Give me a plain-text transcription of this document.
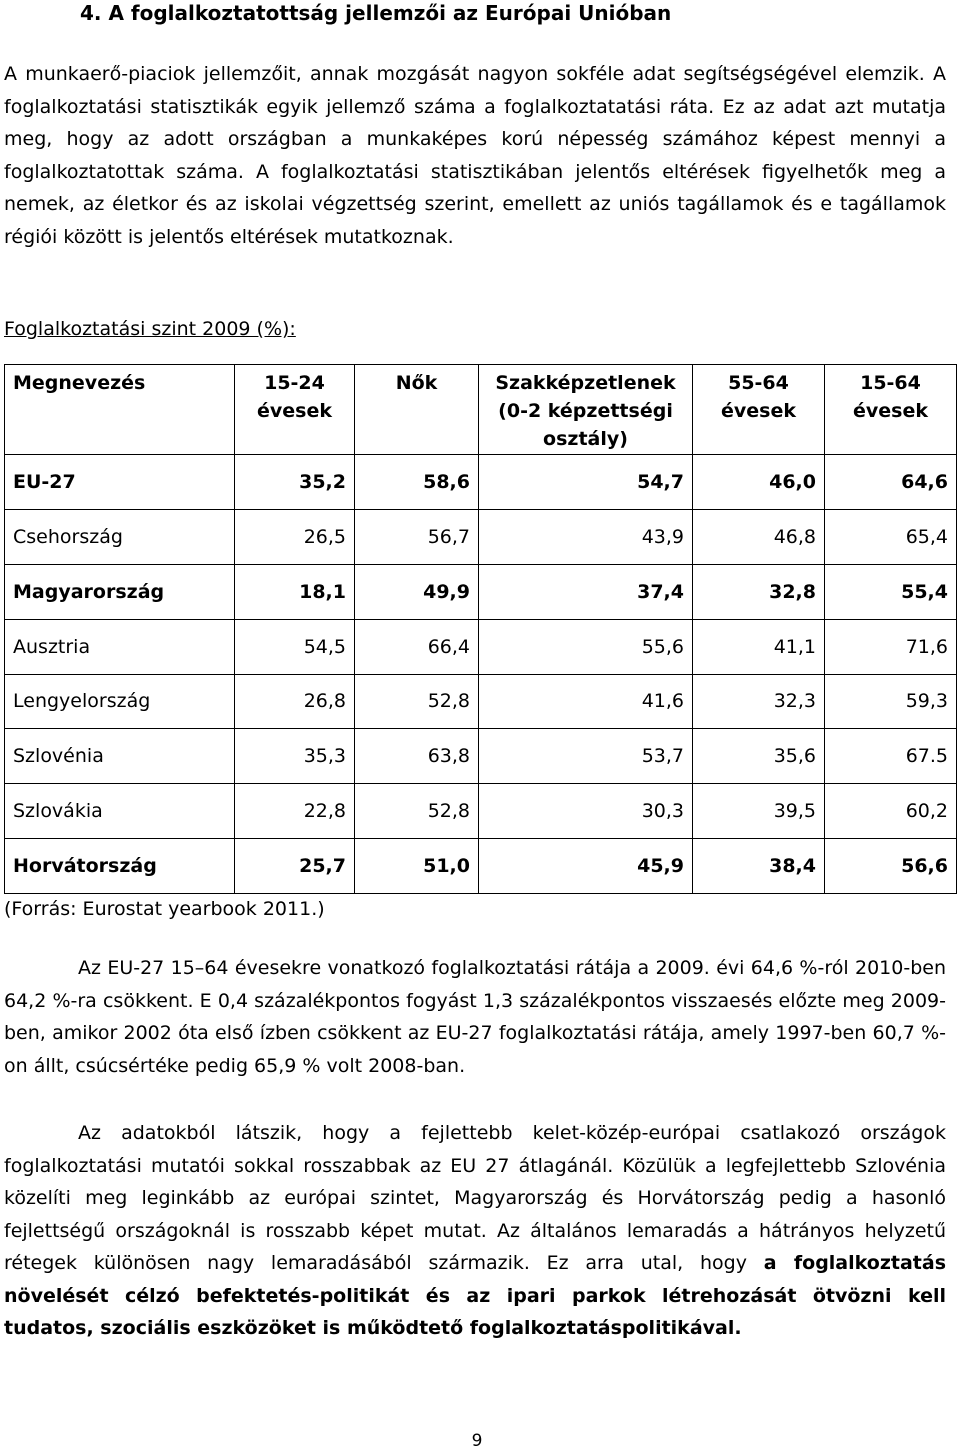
4. A foglalkoztatottság jellemzői az Európai Unióban
A munkaerő-piaciok jellemzőit, annak mozgását nagyon sokféle adat segítségségével elemzik. A foglalkoztatási statisztikák egyik jellemző száma a foglalkoztatatási ráta. Ez az adat azt mutatja meg, hogy az adott országban a munkaképes korú népesség számához képest mennyi a foglalkoztatottak száma. A foglalkoztatási statisztikában jelentős eltérések figyelhetők meg a nemek, az életkor és az iskolai végzettség szerint, emellett az uniós tagállamok és e tagállamok régiói között is jelentős eltérések mutatkoznak.
Foglalkoztatási szint 2009 (%):
Megnevezés	15-24 évesek	Nők	Szakképzetlenek (0-2 képzettségi osztály)	55-64 évesek	15-64 évesek
EU-27	35,2	58,6	54,7	46,0	64,6
Csehország	26,5	56,7	43,9	46,8	65,4
Magyarország	18,1	49,9	37,4	32,8	55,4
Ausztria	54,5	66,4	55,6	41,1	71,6
Lengyelország	26,8	52,8	41,6	32,3	59,3
Szlovénia	35,3	63,8	53,7	35,6	67.5
Szlovákia	22,8	52,8	30,3	39,5	60,2
Horvátország	25,7	51,0	45,9	38,4	56,6
(Forrás: Eurostat yearbook 2011.)
Az EU-27 15–64 évesekre vonatkozó foglalkoztatási rátája a 2009. évi 64,6 %-ról 2010-ben 64,2 %-ra csökkent. E 0,4 százalékpontos fogyást 1,3 százalékpontos visszaesés előzte meg 2009-ben, amikor 2002 óta első ízben csökkent az EU-27 foglalkoztatási rátája, amely 1997-ben 60,7 %-on állt, csúcsértéke pedig 65,9 % volt 2008-ban.
Az adatokból látszik, hogy a fejlettebb kelet-közép-európai csatlakozó országok foglalkoztatási mutatói sokkal rosszabbak az EU 27 átlagánál. Közülük a legfejlettebb Szlovénia közelíti meg leginkább az európai szintet, Magyarország és Horvátország pedig a hasonló fejlettségű országoknál is rosszabb képet mutat. Az általános lemaradás a hátrányos helyzetű rétegek különösen nagy lemaradásából származik. Ez arra utal, hogy a foglalkoztatás növelését célzó befektetés-politikát és az ipari parkok létrehozását ötvözni kell tudatos, szociális eszközöket is működtető foglalkoztatáspolitikával.
9
